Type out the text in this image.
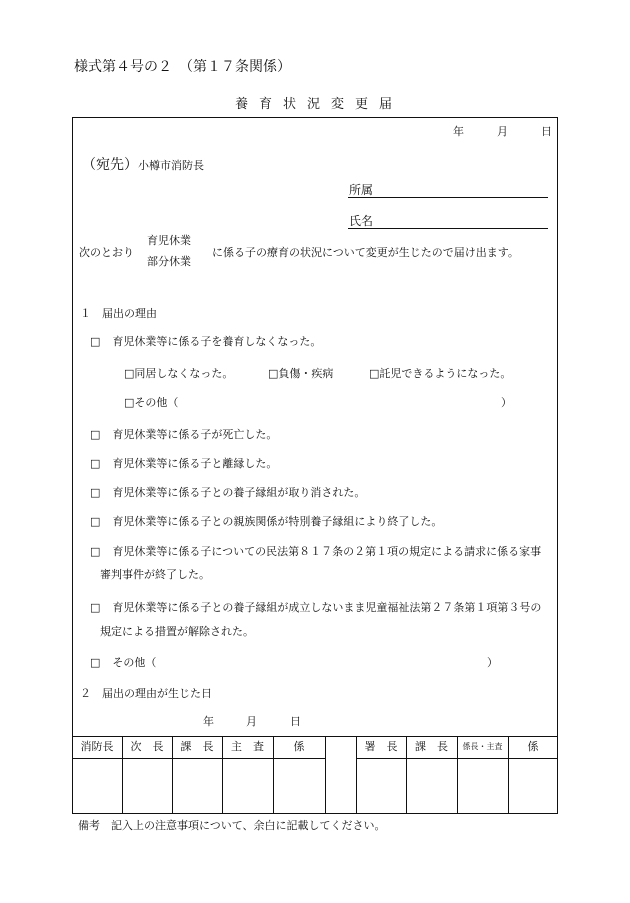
様式第４号の２　（第１７条関係）
養育状況変更届
年	月	日
（宛先）小樽市消防長
所属
氏名
次のとおり
育児休業
部分休業
に係る子の療育の状況について変更が生じたので届け出ます。
１　届出の理由
□ 育児休業等に係る子を養育しなくなった。
□同居しなくなった。	□負傷・疾病	□託児できるようになった。
□その他（	）
□ 育児休業等に係る子が死亡した。
□ 育児休業等に係る子と離縁した。
□ 育児休業等に係る子との養子縁組が取り消された。
□ 育児休業等に係る子との親族関係が特別養子縁組により終了した。
□ 育児休業等に係る子についての民法第８１７条の２第１項の規定による請求に係る家事
審判事件が終了した。
□ 育児休業等に係る子との養子縁組が成立しないまま児童福祉法第２７条第１項第３号の
規定による措置が解除された。
□ その他（	）
２　届出の理由が生じた日
年	月	日
消防長	次　長	課　長	主　査	係	署　長	課　長	係長・主査	係
備考　記入上の注意事項について、余白に記載してください。
